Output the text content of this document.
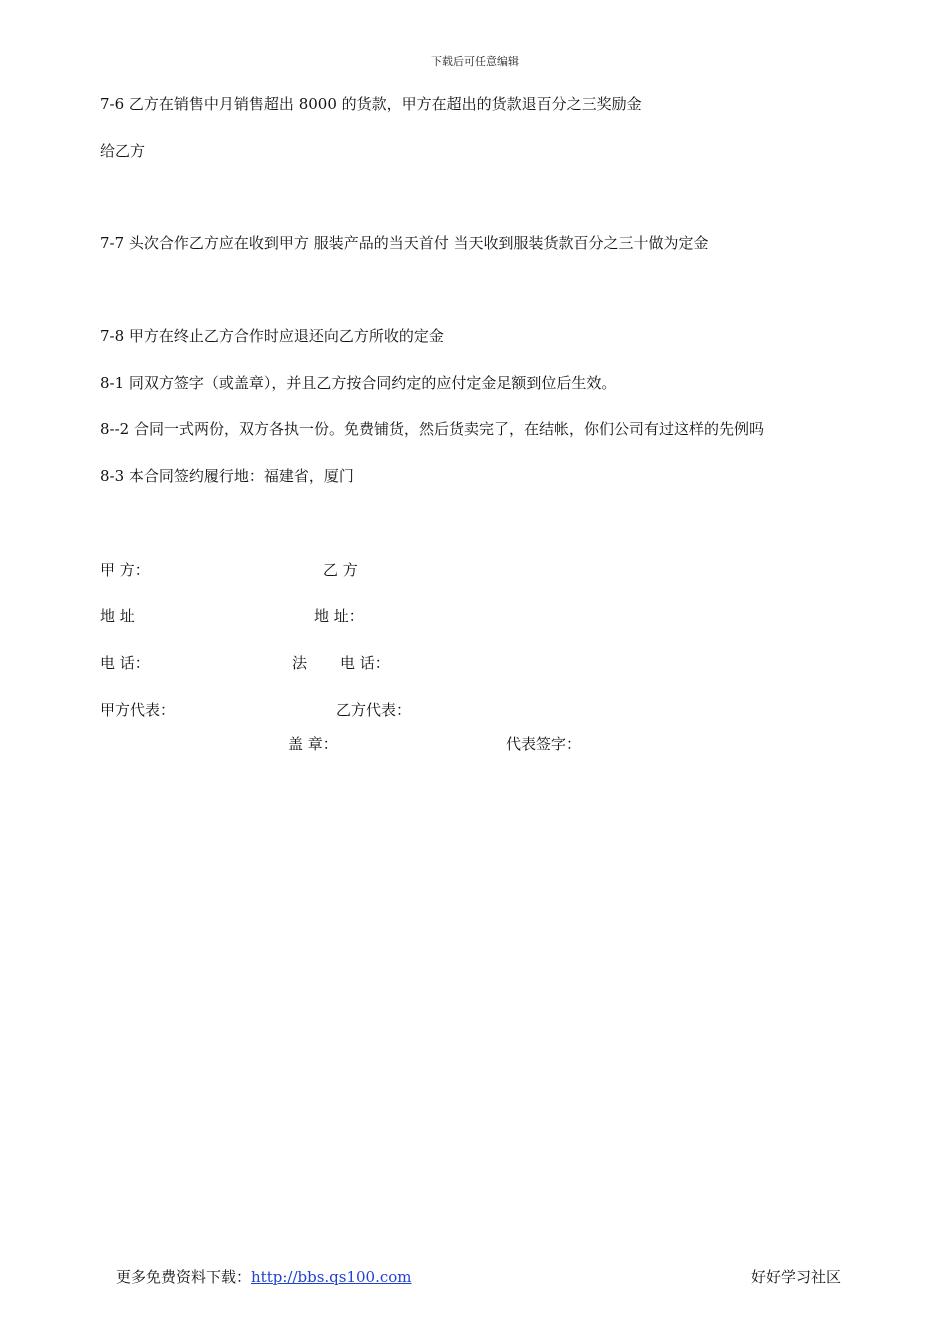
下载后可任意编辑
7-6 乙方在销售中月销售超出 8000 的货款，甲方在超出的货款退百分之三奖励金
给乙方
7-7 头次合作乙方应在收到甲方 服装产品的当天首付 当天收到服装货款百分之三十做为定金
7-8 甲方在终止乙方合作时应退还向乙方所收的定金
8-1 同双方签字（或盖章），并且乙方按合同约定的应付定金足额到位后生效。
8--2 合同一式两份，双方各执一份。免费铺货，然后货卖完了，在结帐，你们公司有过这样的先例吗
8-3 本合同签约履行地：福建省，厦门
甲 方：	乙 方
地 址	地 址：
电 话：	法 电 话：
甲方代表：	乙方代表：
盖 章：	代表签字：
更多免费资料下载：http://bbs.qs100.com	好好学习社区
